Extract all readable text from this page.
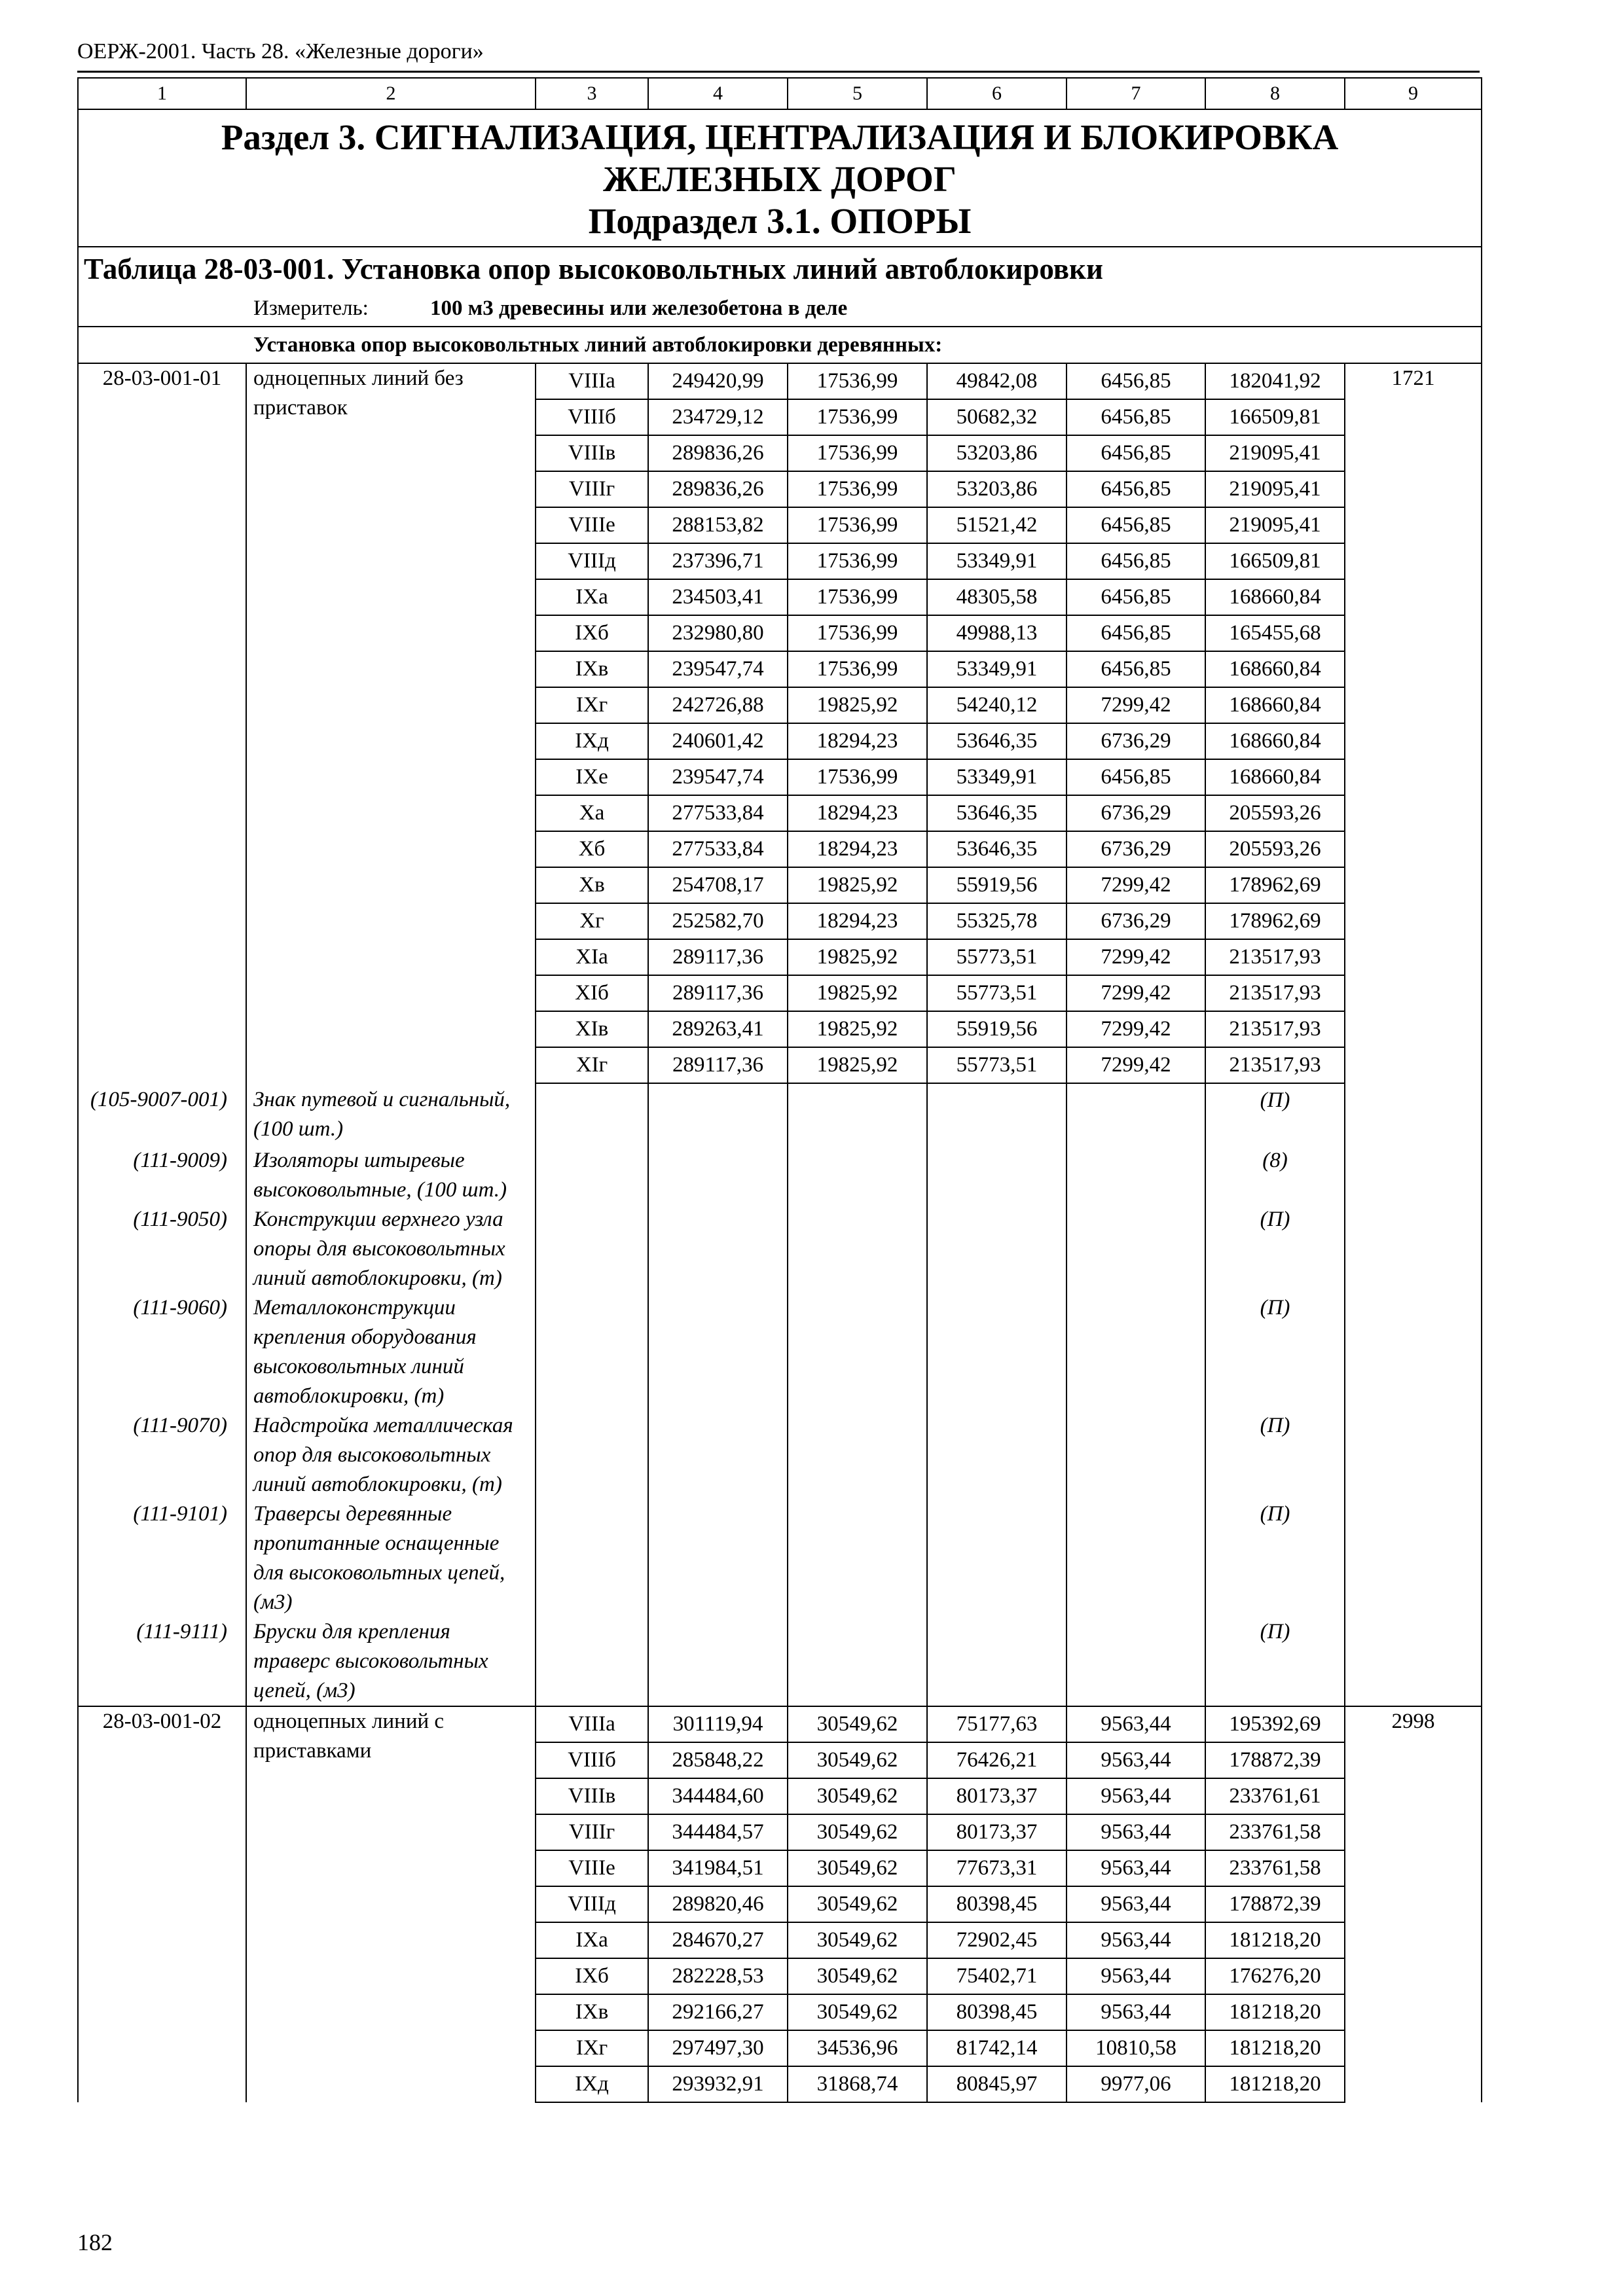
ОЕРЖ-2001. Часть 28. «Железные дороги»
1	2	3	4	5	6	7	8	9

Раздел 3. СИГНАЛИЗАЦИЯ, ЦЕНТРАЛИЗАЦИЯ И БЛОКИРОВКА
ЖЕЛЕЗНЫХ ДОРОГ
Подраздел 3.1. ОПОРЫ								

Таблица 28-03-001. Установка опор высоковольтных линий автоблокировки								
Измеритель: 100 м3 древесины или железобетона в деле								
Установка опор высоковольтных линий автоблокировки деревянных:								
28-03-001-01	одноцепных линий без приставок	VIIIа	249420,99	17536,99	49842,08	6456,85	182041,92	1721
		VIIIб	234729,12	17536,99	50682,32	6456,85	166509,81	
		VIIIв	289836,26	17536,99	53203,86	6456,85	219095,41	
		VIIIг	289836,26	17536,99	53203,86	6456,85	219095,41	
		VIIIе	288153,82	17536,99	51521,42	6456,85	219095,41	
		VIIIд	237396,71	17536,99	53349,91	6456,85	166509,81	
		IXа	234503,41	17536,99	48305,58	6456,85	168660,84	
		IXб	232980,80	17536,99	49988,13	6456,85	165455,68	
		IXв	239547,74	17536,99	53349,91	6456,85	168660,84	
		IXг	242726,88	19825,92	54240,12	7299,42	168660,84	
		IXд	240601,42	18294,23	53646,35	6736,29	168660,84	
		IXе	239547,74	17536,99	53349,91	6456,85	168660,84	
		Xа	277533,84	18294,23	53646,35	6736,29	205593,26	
		Xб	277533,84	18294,23	53646,35	6736,29	205593,26	
		Xв	254708,17	19825,92	55919,56	7299,42	178962,69	
		Xг	252582,70	18294,23	55325,78	6736,29	178962,69	
		XIа	289117,36	19825,92	55773,51	7299,42	213517,93	
		XIб	289117,36	19825,92	55773,51	7299,42	213517,93	
		XIв	289263,41	19825,92	55919,56	7299,42	213517,93	
		XIг	289117,36	19825,92	55773,51	7299,42	213517,93	
(105-9007-001)	Знак путевой и сигнальный, (100 шт.)						(П)	
(111-9009)	Изоляторы штыревые высоковольтные, (100 шт.)						(8)	
(111-9050)	Конструкции верхнего узла опоры для высоковольтных линий автоблокировки, (т)						(П)	
(111-9060)	Металлоконструкции крепления оборудования высоковольтных линий автоблокировки, (т)						(П)	
(111-9070)	Надстройка металлическая опор для высоковольтных линий автоблокировки, (т)						(П)	
(111-9101)	Траверсы деревянные пропитанные оснащенные для высоковольтных цепей, (м3)						(П)	
(111-9111)	Бруски для крепления траверс высоковольтных цепей, (м3)						(П)	
28-03-001-02	одноцепных линий с приставками	VIIIа	301119,94	30549,62	75177,63	9563,44	195392,69	2998
		VIIIб	285848,22	30549,62	76426,21	9563,44	178872,39	
		VIIIв	344484,60	30549,62	80173,37	9563,44	233761,61	
		VIIIг	344484,57	30549,62	80173,37	9563,44	233761,58	
		VIIIе	341984,51	30549,62	77673,31	9563,44	233761,58	
		VIIIд	289820,46	30549,62	80398,45	9563,44	178872,39	
		IXа	284670,27	30549,62	72902,45	9563,44	181218,20	
		IXб	282228,53	30549,62	75402,71	9563,44	176276,20	
		IXв	292166,27	30549,62	80398,45	9563,44	181218,20	
		IXг	297497,30	34536,96	81742,14	10810,58	181218,20	
		IXд	293932,91	31868,74	80845,97	9977,06	181218,20	
182
